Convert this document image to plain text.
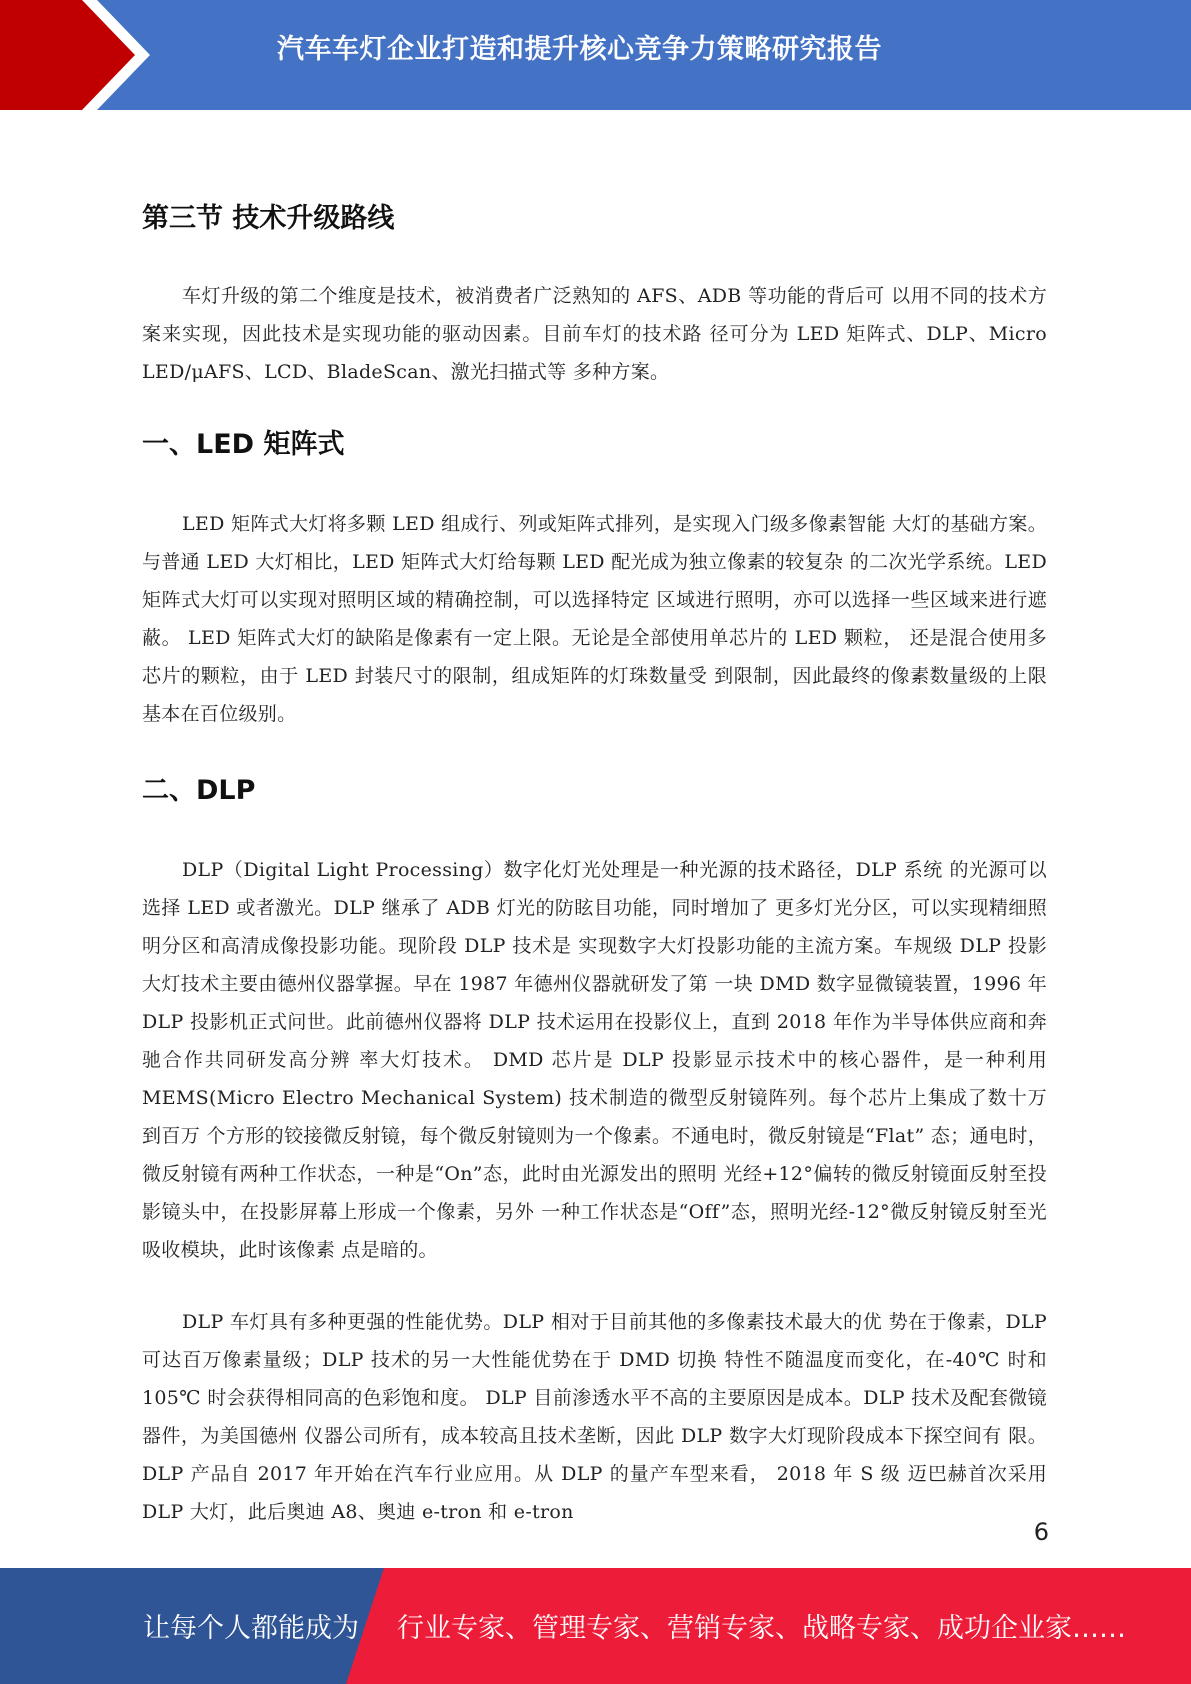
汽车车灯企业打造和提升核心竞争力策略研究报告
第三节 技术升级路线

车灯升级的第二个维度是技术，被消费者广泛熟知的 AFS、ADB 等功能的背后可 以用不同的技术方案来实现，因此技术是实现功能的驱动因素。目前车灯的技术路 径可分为 LED 矩阵式、DLP、Micro LED/μAFS、LCD、BladeScan、激光扫描式等 多种方案。

一、LED 矩阵式

LED 矩阵式大灯将多颗 LED 组成行、列或矩阵式排列，是实现入门级多像素智能 大灯的基础方案。 与普通 LED 大灯相比，LED 矩阵式大灯给每颗 LED 配光成为独立像素的较复杂 的二次光学系统。LED 矩阵式大灯可以实现对照明区域的精确控制，可以选择特定 区域进行照明，亦可以选择一些区域来进行遮蔽。 LED 矩阵式大灯的缺陷是像素有一定上限。无论是全部使用单芯片的 LED 颗粒， 还是混合使用多芯片的颗粒，由于 LED 封装尺寸的限制，组成矩阵的灯珠数量受 到限制，因此最终的像素数量级的上限基本在百位级别。

二、DLP

DLP（Digital Light Processing）数字化灯光处理是一种光源的技术路径，DLP 系统 的光源可以选择 LED 或者激光。DLP 继承了 ADB 灯光的防眩目功能，同时增加了 更多灯光分区，可以实现精细照明分区和高清成像投影功能。现阶段 DLP 技术是 实现数字大灯投影功能的主流方案。车规级 DLP 投影大灯技术主要由德州仪器掌握。早在 1987 年德州仪器就研发了第 一块 DMD 数字显微镜装置，1996 年 DLP 投影机正式问世。此前德州仪器将 DLP 技术运用在投影仪上，直到 2018 年作为半导体供应商和奔驰合作共同研发高分辨 率大灯技术。 DMD 芯片是 DLP 投影显示技术中的核心器件，是一种利用 MEMS(Micro Electro Mechanical System) 技术制造的微型反射镜阵列。每个芯片上集成了数十万到百万 个方形的铰接微反射镜，每个微反射镜则为一个像素。不通电时，微反射镜是“Flat” 态；通电时，微反射镜有两种工作状态，一种是“On”态，此时由光源发出的照明 光经+12°偏转的微反射镜面反射至投影镜头中，在投影屏幕上形成一个像素，另外 一种工作状态是“Off”态，照明光经-12°微反射镜反射至光吸收模块，此时该像素 点是暗的。

DLP 车灯具有多种更强的性能优势。DLP 相对于目前其他的多像素技术最大的优 势在于像素，DLP 可达百万像素量级；DLP 技术的另一大性能优势在于 DMD 切换 特性不随温度而变化，在-40℃ 时和 105℃ 时会获得相同高的色彩饱和度。 DLP 目前渗透水平不高的主要原因是成本。DLP 技术及配套微镜器件，为美国德州 仪器公司所有，成本较高且技术垄断，因此 DLP 数字大灯现阶段成本下探空间有 限。 DLP 产品自 2017 年开始在汽车行业应用。从 DLP 的量产车型来看， 2018 年 S 级 迈巴赫首次采用 DLP 大灯，此后奥迪 A8、奥迪 e-tron 和 e-tron

6
让每个人都能成为 行业专家、管理专家、营销专家、战略专家、成功企业家……
